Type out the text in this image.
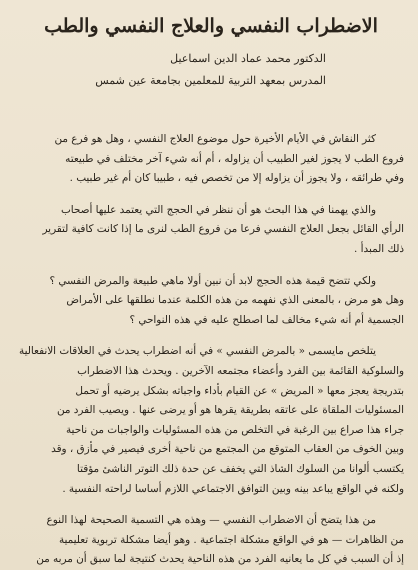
الاضطراب النفسي والعلاج النفسي والطب
الدكتور محمد عماد الدين اسماعيل
المدرس بمعهد التربية للمعلمين بجامعة عين شمس
كثر النقاش في الأيام الأخيرة حول موضوع العلاج النفسي ، وهل هو فرع من
فروع الطب لا يجوز لغير الطبيب أن يزاوله ، أم أنه شيء آخر مختلف في طبيعته
وفي طرائقه ، ولا يجوز أن يزاوله إلا من تخصص فيه ، طبيبا كان أم غير طبيب .
والذي يهمنا في هذا البحث هو أن ننظر في الحجج التي يعتمد عليها أصحاب
الرأي القائل بجعل العلاج النفسي فرعا من فروع الطب لنرى ما إذا كانت كافية لتقرير
ذلك المبدأ .
ولكي تتضح قيمة هذه الحجج لابد أن نبين أولا ماهي طبيعة والمرض النفسي ؟
وهل هو مرض ، بالمعنى الذي نفهمه من هذه الكلمة عندما نطلقها على الأمراض
الجسمية أم أنه شيء مخالف لما اصطلح عليه في هذه النواحي ؟
يتلخص مايسمى « بالمرض النفسي » في أنه اضطراب يحدث في العلاقات الانفعالية
والسلوكية القائمة بين الفرد وأعضاء مجتمعه الآخرين . ويحدث هذا الاضطراب
بتدريجة يعجز معها « المريض » عن القيام بأداء واجباته بشكل يرضيه أو تحمل
المسئوليات الملقاة على عاتقه بطريقة يقرها هو أو يرضى عنها . ويصيب الفرد من
جراء هذا صراع بين الرغبة في التخلص من هذه المسئوليات والواجبات من ناحية
وبين الخوف من العقاب المتوقع من المجتمع من ناحية أخرى فيصير في مأزق ، وقد
يكتسب ألوانا من السلوك الشاذ التي يخفف عن حدة ذلك التوتر الناشئ مؤقتا
ولكنه في الواقع يباعد بينه وبين التوافق الاجتماعي اللازم أساسا لراحته النفسية .
من هذا يتضح أن الاضطراب النفسي — وهذه هي التسمية الصحيحة لهذا النوع
من الظاهرات — هو في الواقع مشكلة اجتماعية . وهو أيضا مشكلة تربوية تعليمية
إذ أن السبب في كل ما يعانيه الفرد من هذه الناحية يحدث كنتيجة لما سبق أن مربه من
